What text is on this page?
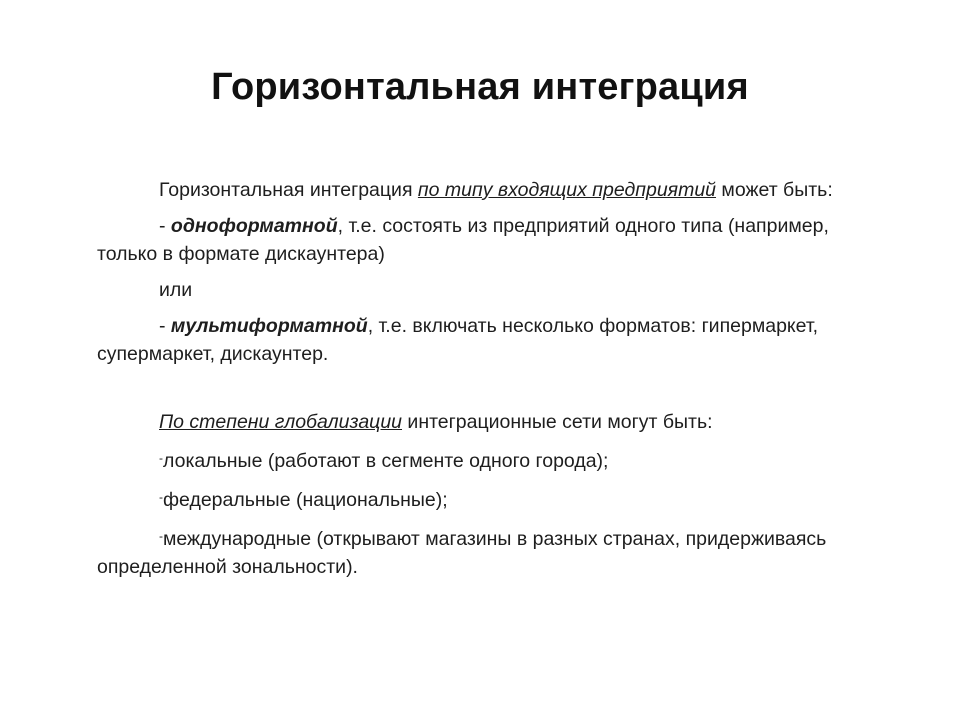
Горизонтальная интеграция

Горизонтальная интеграция по типу входящих предприятий может быть:

- одноформатной, т.е. состоять из предприятий одного типа (например, только в формате дискаунтера)

или

- мультиформатной, т.е. включать несколько форматов: гипермаркет, супермаркет, дискаунтер.

По степени глобализации интеграционные сети могут быть:

-локальные (работают в сегменте одного города);

-федеральные (национальные);

-международные (открывают магазины в разных странах, придерживаясь определенной зональности).
